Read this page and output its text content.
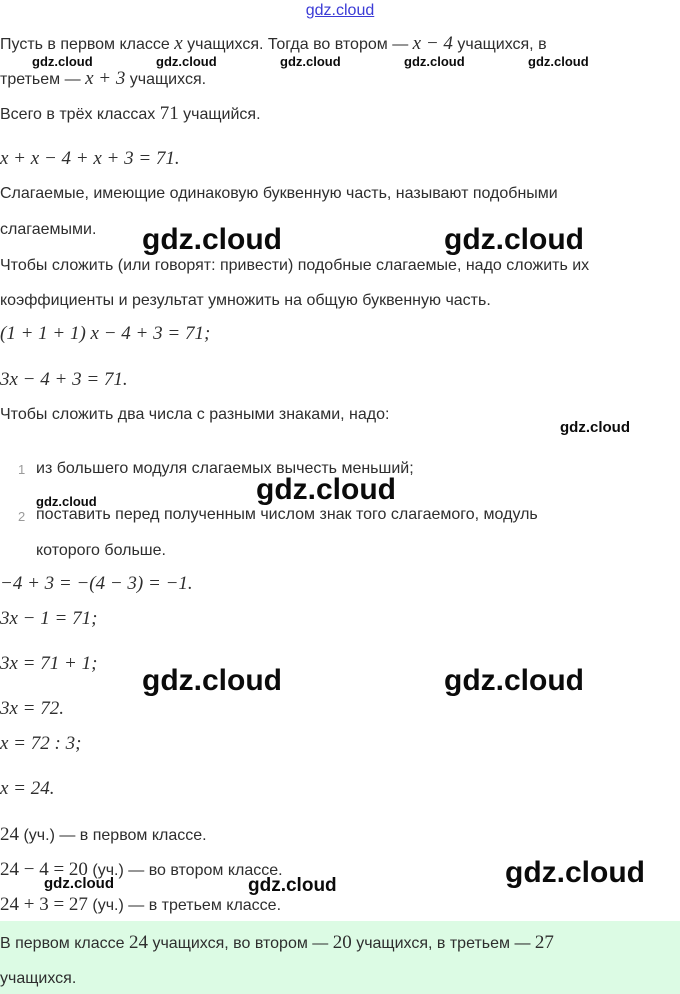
gdz.cloud
Пусть в первом классе x учащихся. Тогда во втором — x − 4 учащихся, в
третьем — x + 3 учащихся.
Всего в трёх классах 71 учащийся.
x + x − 4 + x + 3 = 71.
Слагаемые, имеющие одинаковую буквенную часть, называют подобными
слагаемыми.
Чтобы сложить (или говорят: привести) подобные слагаемые, надо сложить их
коэффициенты и результат умножить на общую буквенную часть.
(1 + 1 + 1) x − 4 + 3 = 71;
3x − 4 + 3 = 71.
Чтобы сложить два числа с разными знаками, надо:
1 из большего модуля слагаемых вычесть меньший;
2 поставить перед полученным числом знак того слагаемого, модуль
которого больше.
−4 + 3 = −(4 − 3) = −1.
3x − 1 = 71;
3x = 71 + 1;
3x = 72.
x = 72 : 3;
x = 24.
24 (уч.) — в первом классе.
24 − 4 = 20 (уч.) — во втором классе.
24 + 3 = 27 (уч.) — в третьем классе.
В первом классе 24 учащихся, во втором — 20 учащихся, в третьем — 27
учащихся.
gdz.cloud	gdz.cloud	gdz.cloud	gdz.cloud	gdz.cloud
gdz.cloud	gdz.cloud
gdz.cloud
gdz.cloud
gdz.cloud
gdz.cloud	gdz.cloud
gdz.cloud
gdz.cloud	gdz.cloud
